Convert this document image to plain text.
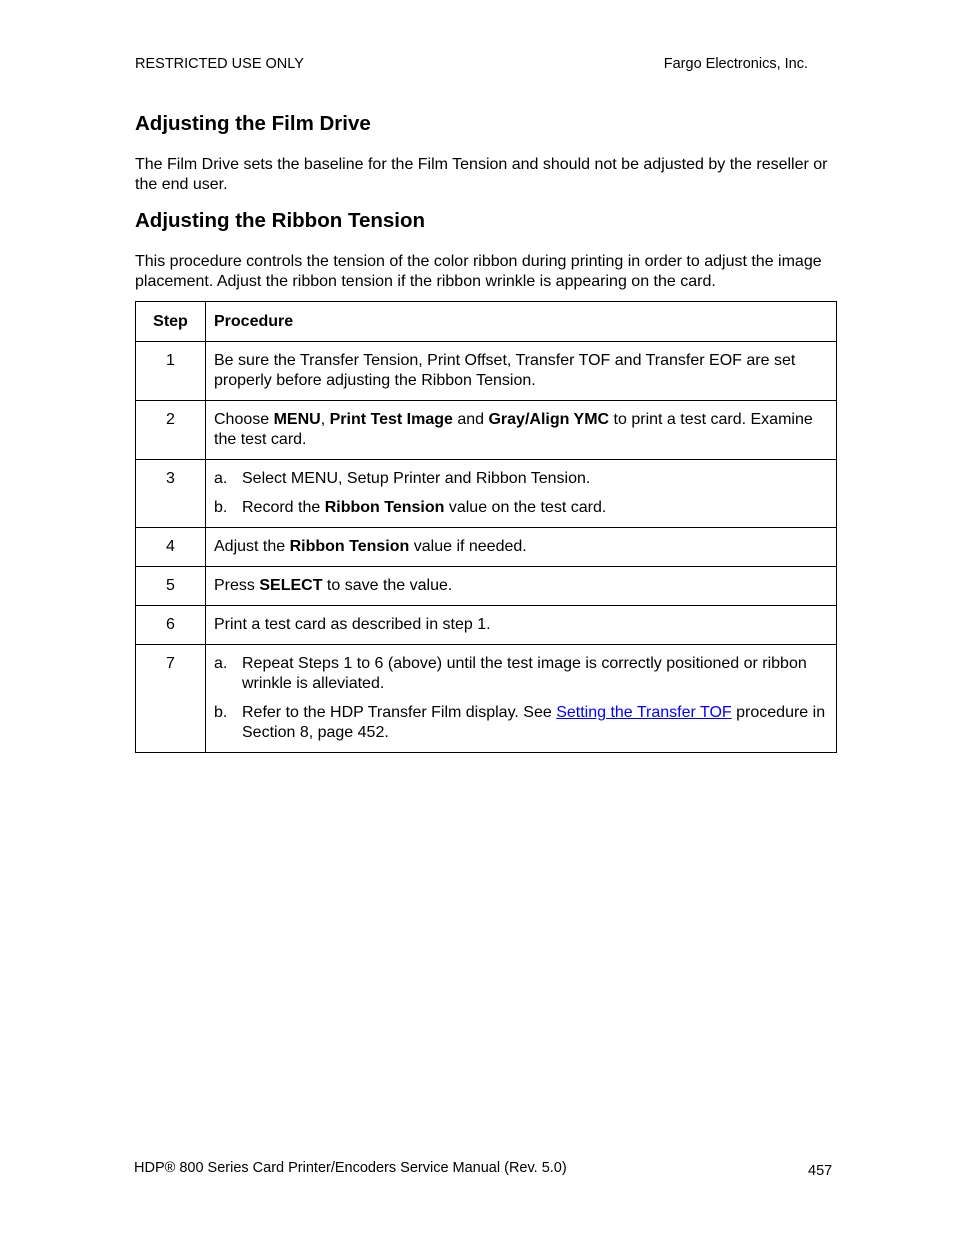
RESTRICTED USE ONLY	Fargo Electronics, Inc.
Adjusting the Film Drive

The Film Drive sets the baseline for the Film Tension and should not be adjusted by the reseller or the end user.

Adjusting the Ribbon Tension

This procedure controls the tension of the color ribbon during printing in order to adjust the image placement. Adjust the ribbon tension if the ribbon wrinkle is appearing on the card.

Step	Procedure
1	Be sure the Transfer Tension, Print Offset, Transfer TOF and Transfer EOF are set properly before adjusting the Ribbon Tension.
2	Choose MENU, Print Test Image and Gray/Align YMC to print a test card. Examine the test card.
3	a. Select MENU, Setup Printer and Ribbon Tension.
b. Record the Ribbon Tension value on the test card.

4	Adjust the Ribbon Tension value if needed.
5	Press SELECT to save the value.
6	Print a test card as described in step 1.
7	a. Repeat Steps 1 to 6 (above) until the test image is correctly positioned or ribbon wrinkle is alleviated.
b. Refer to the HDP Transfer Film display. See Setting the Transfer TOF procedure in Section 8, page 452.
HDP® 800 Series Card Printer/Encoders Service Manual (Rev. 5.0)	457
